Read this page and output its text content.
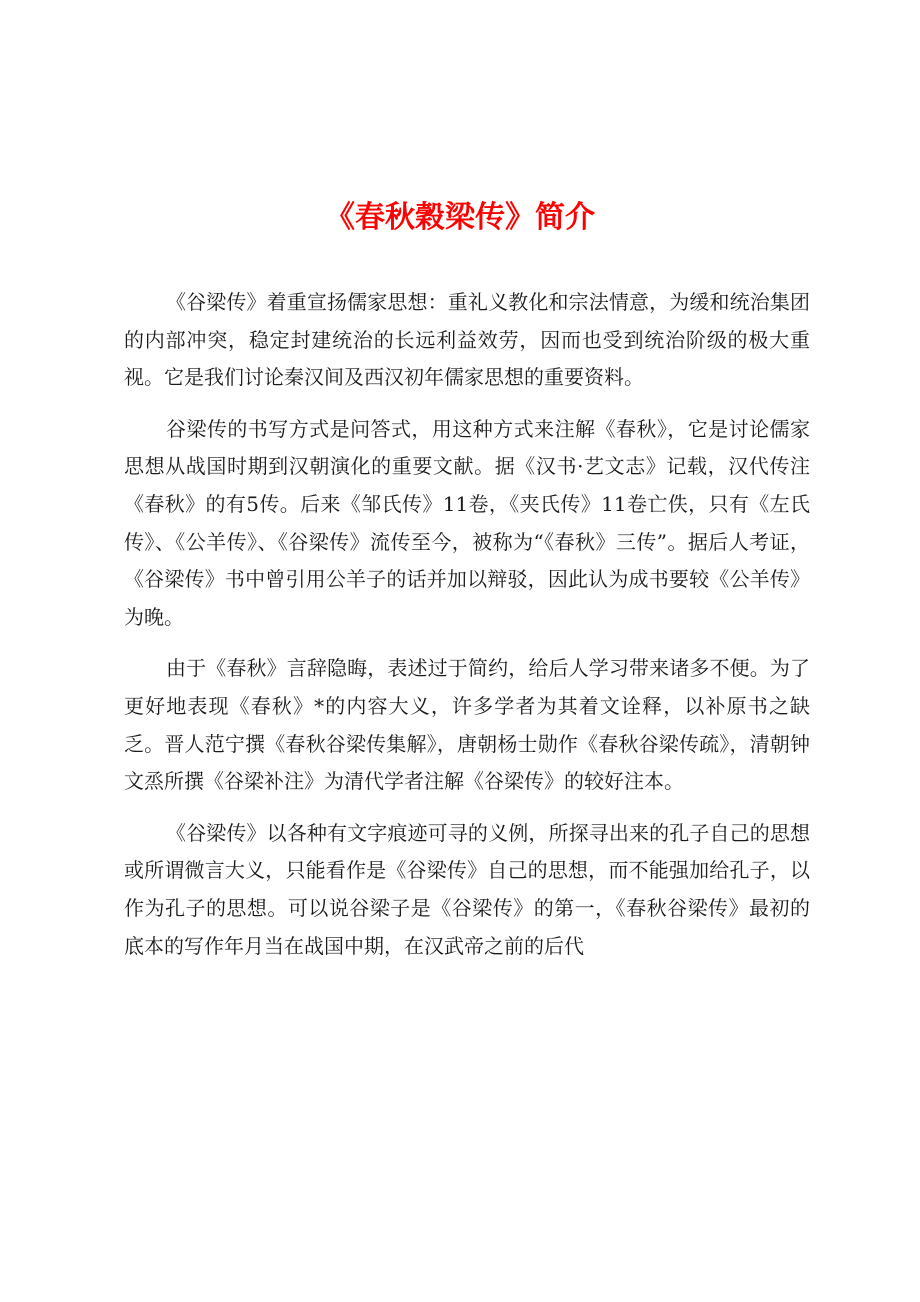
《春秋穀梁传》简介

《谷梁传》着重宣扬儒家思想：重礼义教化和宗法情意，为缓和统治集团的内部冲突，稳定封建统治的长远利益效劳，因而也受到统治阶级的极大重视。它是我们讨论秦汉间及西汉初年儒家思想的重要资料。

谷梁传的书写方式是问答式，用这种方式来注解《春秋》，它是讨论儒家思想从战国时期到汉朝演化的重要文献。据《汉书·艺文志》记载，汉代传注《春秋》的有5传。后来《邹氏传》11卷，《夹氏传》11卷亡佚，只有《左氏传》、《公羊传》、《谷梁传》流传至今，被称为“《春秋》三传”。据后人考证，《谷梁传》书中曾引用公羊子的话并加以辩驳，因此认为成书要较《公羊传》为晚。

由于《春秋》言辞隐晦，表述过于简约，给后人学习带来诸多不便。为了更好地表现《春秋》*的内容大义，许多学者为其着文诠释，以补原书之缺乏。晋人范宁撰《春秋谷梁传集解》，唐朝杨士勋作《春秋谷梁传疏》，清朝钟文烝所撰《谷梁补注》为清代学者注解《谷梁传》的较好注本。

《谷梁传》以各种有文字痕迹可寻的义例，所探寻出来的孔子自己的思想或所谓微言大义，只能看作是《谷梁传》自己的思想，而不能强加给孔子，以作为孔子的思想。可以说谷梁子是《谷梁传》的第一，《春秋谷梁传》最初的底本的写作年月当在战国中期，在汉武帝之前的后代
